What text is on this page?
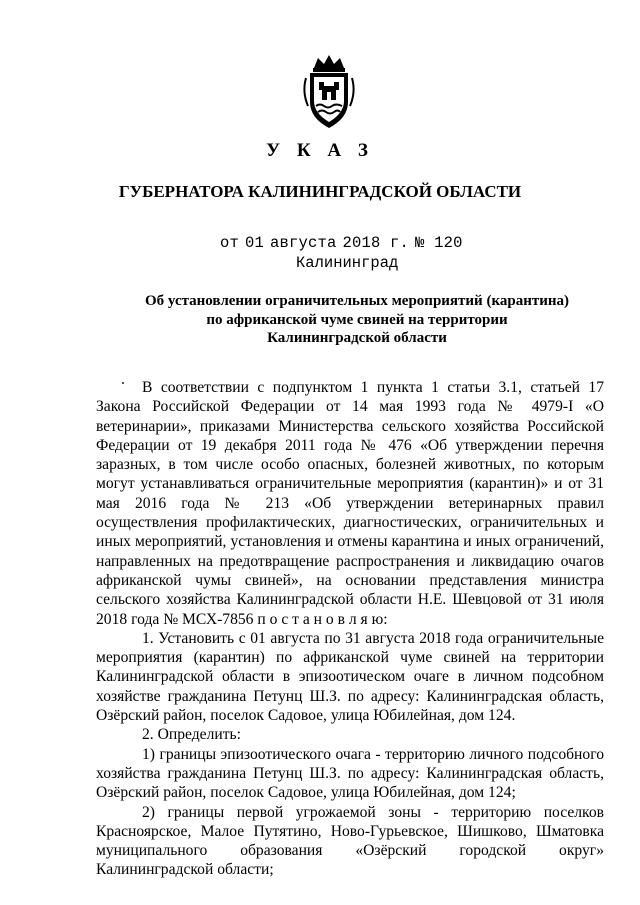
У К А З
ГУБЕРНАТОРА КАЛИНИНГРАДСКОЙ ОБЛАСТИ
от 01 августа 2018 г. № 120
Калининград
Об установлении ограничительных мероприятий (карантина)
по африканской чуме свиней на территории
Калининградской области

В соответствии с подпунктом 1 пункта 1 статьи 3.1, статьей 17 Закона Российской Федерации от 14 мая 1993 года № 4979-I «О ветеринарии», приказами Министерства сельского хозяйства Российской Федерации от 19 декабря 2011 года № 476 «Об утверждении перечня заразных, в том числе особо опасных, болезней животных, по которым могут устанавливаться ограничительные мероприятия (карантин)» и от 31 мая 2016 года № 213 «Об утверждении ветеринарных правил осуществления профилактических, диагностических, ограничительных и иных мероприятий, установления и отмены карантина и иных ограничений, направленных на предотвращение распространения и ликвидацию очагов африканской чумы свиней», на основании представления министра сельского хозяйства Калининградской области Н.Е. Шевцовой от 31 июля 2018 года № МСХ-7856 п о с т а н о в л я ю:

1. Установить с 01 августа по 31 августа 2018 года ограничительные мероприятия (карантин) по африканской чуме свиней на территории Калининградской области в эпизоотическом очаге в личном подсобном хозяйстве гражданина Петунц Ш.З. по адресу: Калининградская область, Озёрский район, поселок Садовое, улица Юбилейная, дом 124.

2. Определить:

1) границы эпизоотического очага - территорию личного подсобного хозяйства гражданина Петунц Ш.З. по адресу: Калининградская область, Озёрский район, поселок Садовое, улица Юбилейная, дом 124;

2) границы первой угрожаемой зоны - территорию поселков Красноярское, Малое Путятино, Ново-Гурьевское, Шишково, Шматовка муниципального образования «Озёрский городской округ» Калининградской области;
